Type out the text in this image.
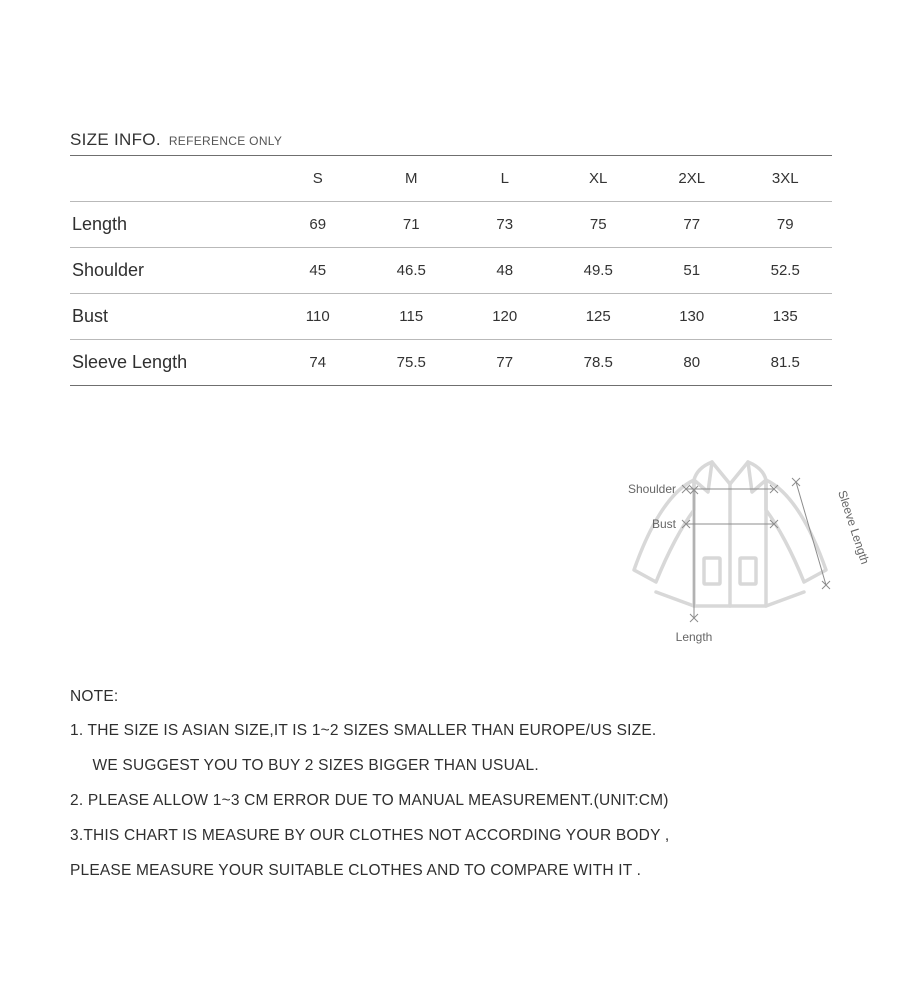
SIZE INFO. REFERENCE ONLY
	S	M	L	XL	2XL	3XL
Length	69	71	73	75	77	79
Shoulder	45	46.5	48	49.5	51	52.5
Bust	110	115	120	125	130	135
Sleeve Length	74	75.5	77	78.5	80	81.5
Shoulder
Bust
Length
Sleeve Length
NOTE:
1. THE SIZE IS ASIAN SIZE,IT IS 1~2 SIZES SMALLER THAN EUROPE/US SIZE.
WE SUGGEST YOU TO BUY 2 SIZES BIGGER THAN USUAL.
2. PLEASE ALLOW 1~3 CM ERROR DUE TO MANUAL MEASUREMENT.(UNIT:CM)
3.THIS CHART IS MEASURE BY OUR CLOTHES NOT ACCORDING YOUR BODY ,
PLEASE MEASURE YOUR SUITABLE CLOTHES AND TO COMPARE WITH IT .
